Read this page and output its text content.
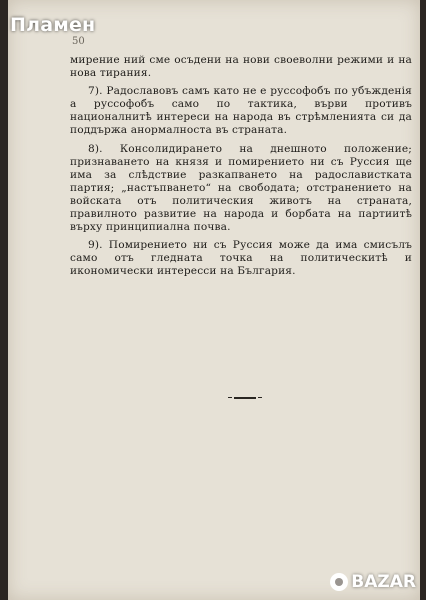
50

мирение ний сме осъдени на нови своеволни режими и на нова тирания.

7). Радославовъ самъ като не е руссофобъ по убъжденія а руссофобъ само по тактика, върви противъ националнитѣ интереси на народа въ стрѣмленията си да поддържа анормалноста въ страната.

8). Консолидирането на днешното положение; признаването на князя и помирението ни съ Руссия ще има за слѣдствие разкапването на радославистката партия; „настъпването“ на свободата; отстранението на войската отъ политическия животъ на страната, правилното развитие на народа и борбата на партиитѣ върху принципиална почва.

9). Помирението ни съ Руссия може да има смисълъ само отъ гледната точка на политическитѣ и икономически интересси на България.

Пламен
BAZAR
